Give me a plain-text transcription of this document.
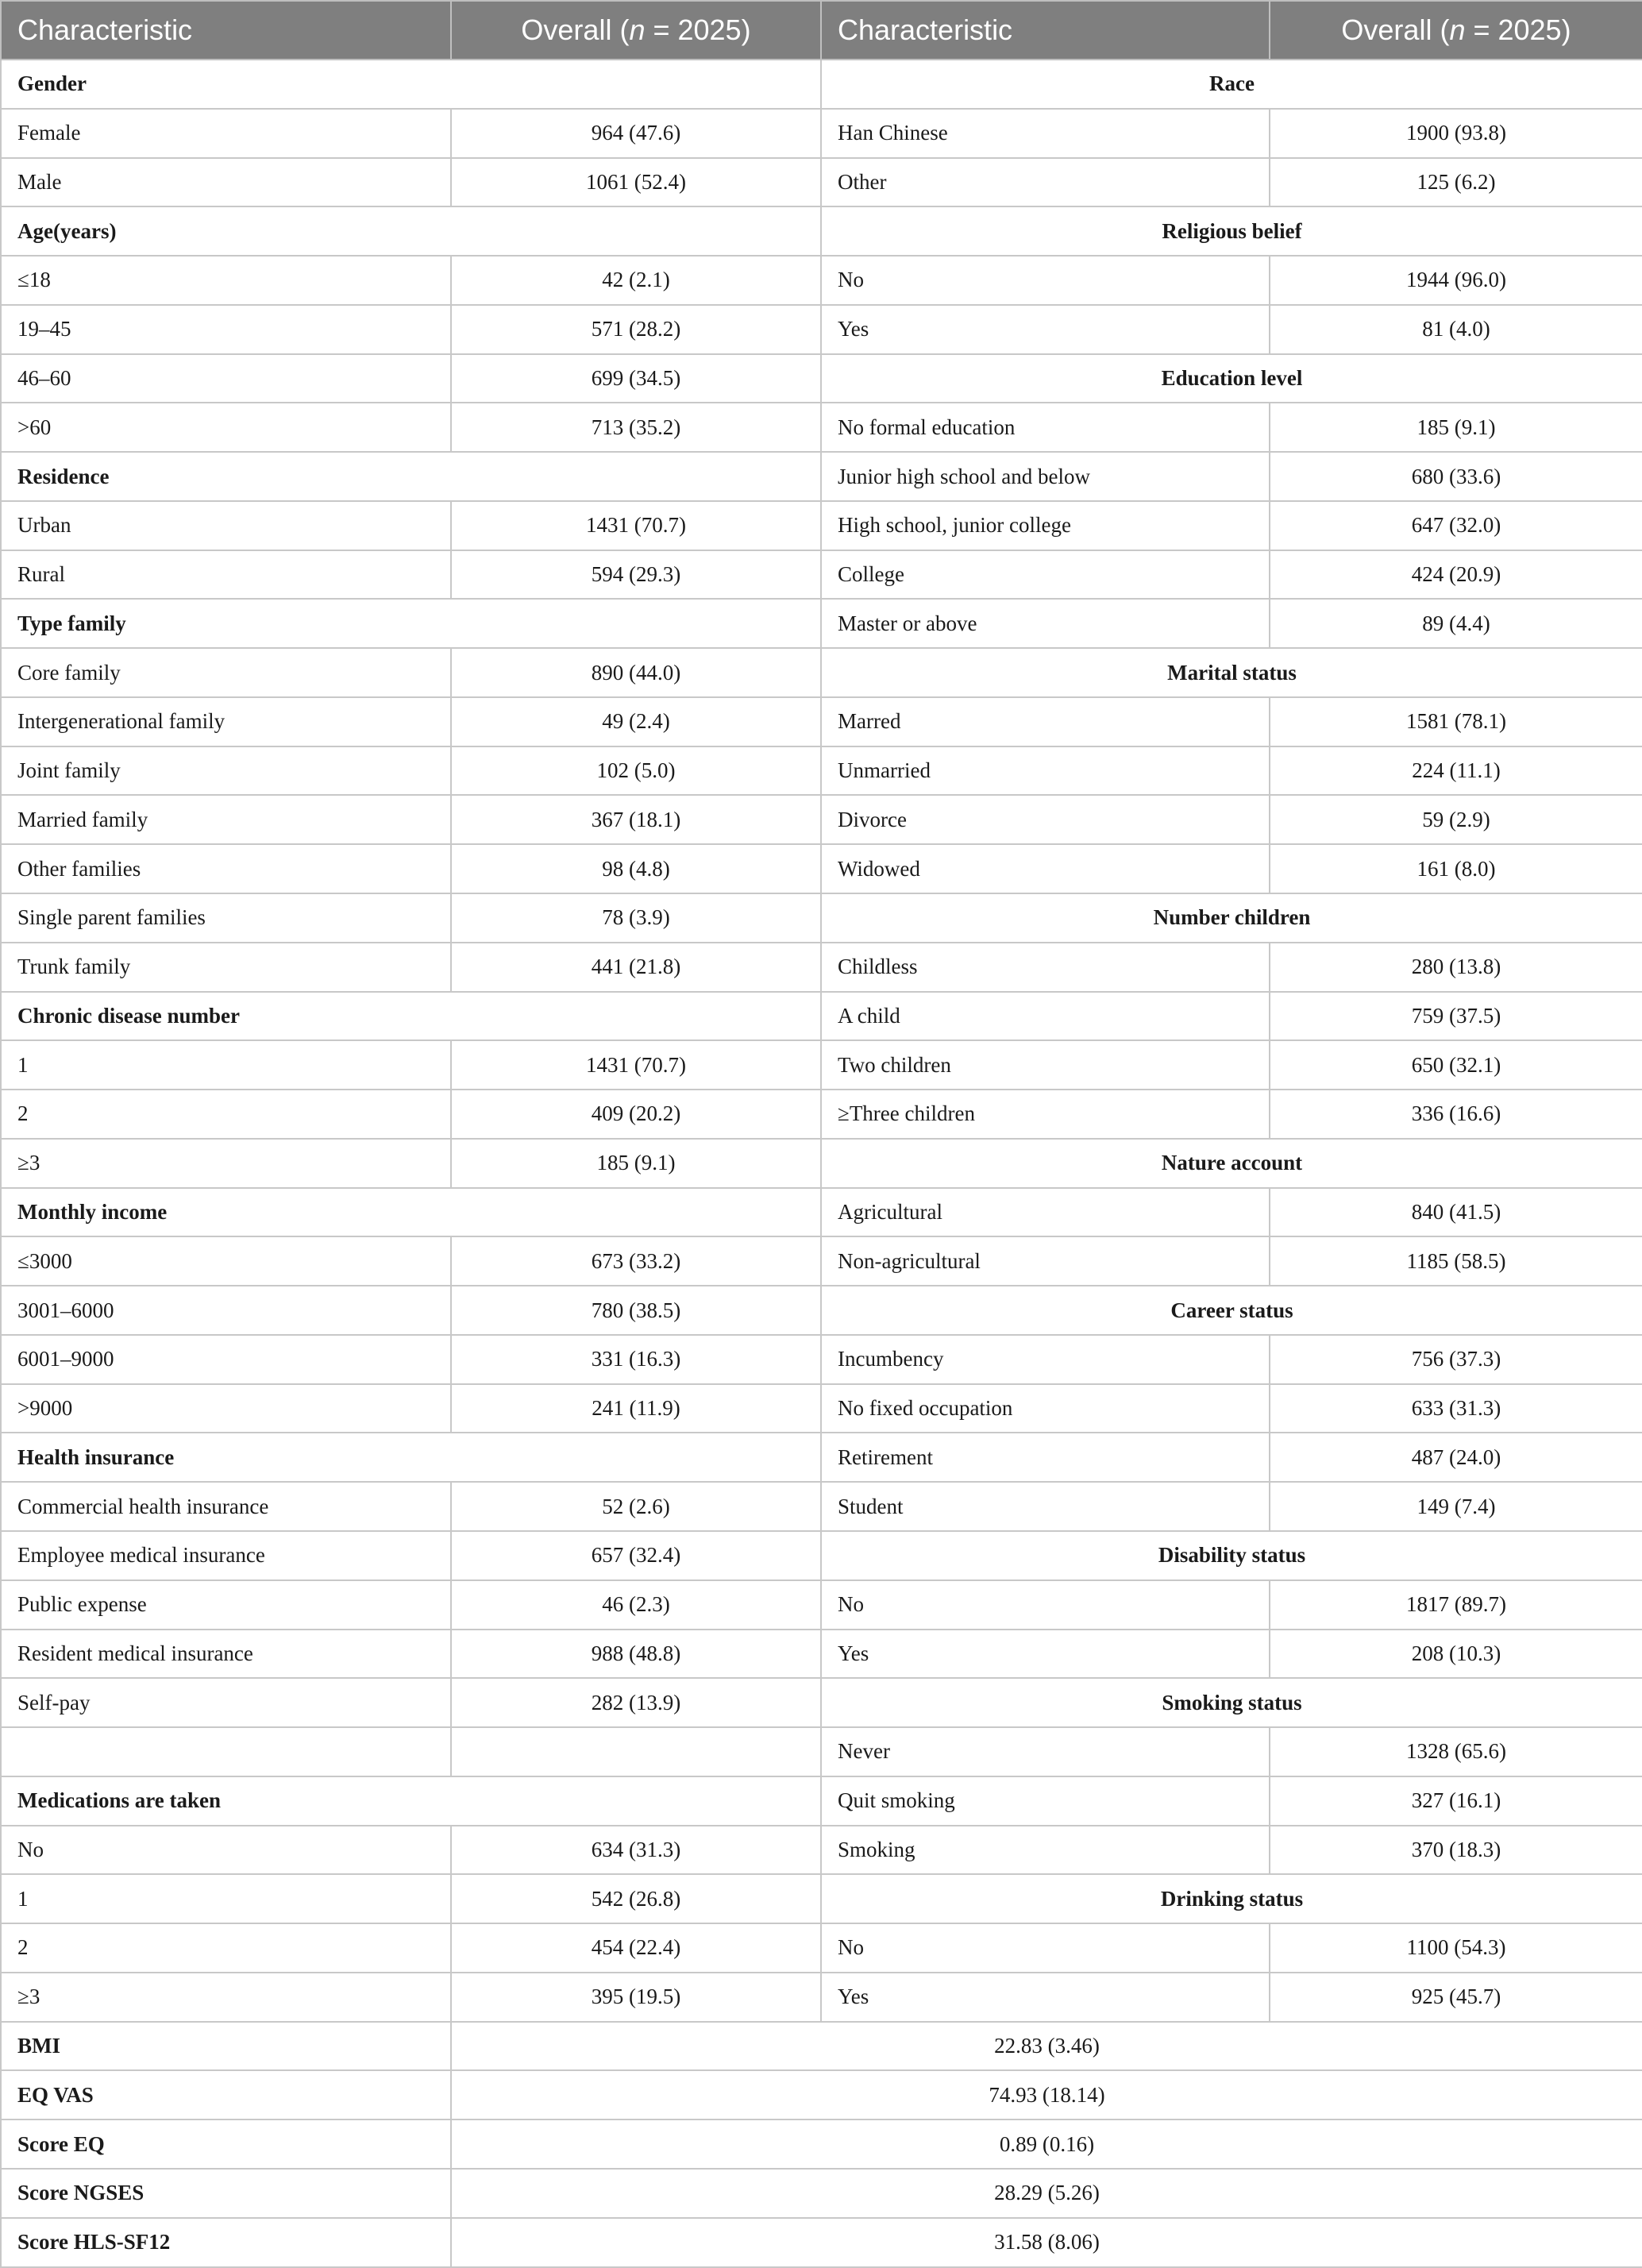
Characteristic	Overall (n = 2025)	Characteristic	Overall (n = 2025)
Gender		Race	
Female	964 (47.6)	Han Chinese	1900 (93.8)
Male	1061 (52.4)	Other	125 (6.2)
Age(years)		Religious belief	
≤18	42 (2.1)	No	1944 (96.0)
19–45	571 (28.2)	Yes	81 (4.0)
46–60	699 (34.5)	Education level	
>60	713 (35.2)	No formal education	185 (9.1)
Residence		Junior high school and below	680 (33.6)
Urban	1431 (70.7)	High school, junior college	647 (32.0)
Rural	594 (29.3)	College	424 (20.9)
Type family		Master or above	89 (4.4)
Core family	890 (44.0)	Marital status	
Intergenerational family	49 (2.4)	Marred	1581 (78.1)
Joint family	102 (5.0)	Unmarried	224 (11.1)
Married family	367 (18.1)	Divorce	59 (2.9)
Other families	98 (4.8)	Widowed	161 (8.0)
Single parent families	78 (3.9)	Number children	
Trunk family	441 (21.8)	Childless	280 (13.8)
Chronic disease number		A child	759 (37.5)
1	1431 (70.7)	Two children	650 (32.1)
2	409 (20.2)	≥Three children	336 (16.6)
≥3	185 (9.1)	Nature account	
Monthly income		Agricultural	840 (41.5)
≤3000	673 (33.2)	Non-agricultural	1185 (58.5)
3001–6000	780 (38.5)	Career status	
6001–9000	331 (16.3)	Incumbency	756 (37.3)
>9000	241 (11.9)	No fixed occupation	633 (31.3)
Health insurance		Retirement	487 (24.0)
Commercial health insurance	52 (2.6)	Student	149 (7.4)
Employee medical insurance	657 (32.4)	Disability status	
Public expense	46 (2.3)	No	1817 (89.7)
Resident medical insurance	988 (48.8)	Yes	208 (10.3)
Self-pay	282 (13.9)	Smoking status	
		Never	1328 (65.6)
Medications are taken		Quit smoking	327 (16.1)
No	634 (31.3)	Smoking	370 (18.3)
1	542 (26.8)	Drinking status	
2	454 (22.4)	No	1100 (54.3)
≥3	395 (19.5)	Yes	925 (45.7)
BMI	22.83 (3.46)		
EQ VAS	74.93 (18.14)		
Score EQ	0.89 (0.16)		
Score NGSES	28.29 (5.26)		
Score HLS-SF12	31.58 (8.06)		
